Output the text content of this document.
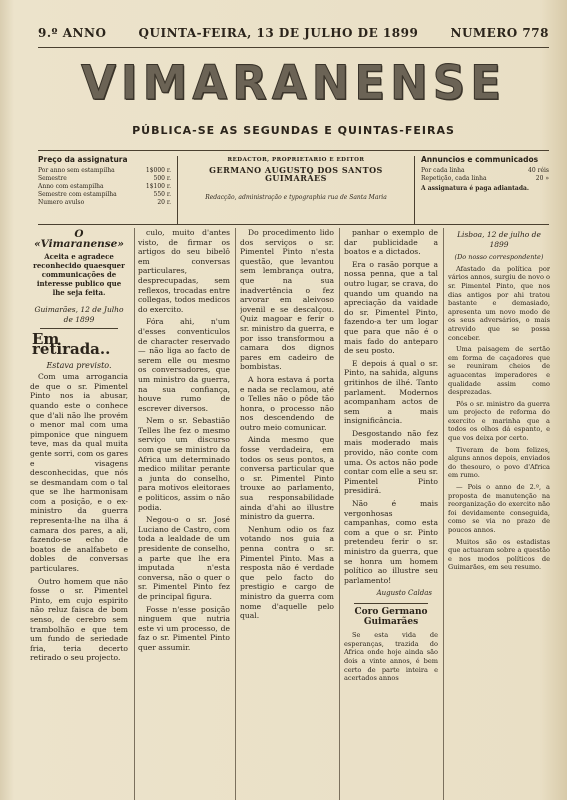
9.º ANNO	QUINTA-FEIRA, 13 DE JULHO DE 1899	NUMERO 778
VIMARANENSE
PÚBLICA-SE AS SEGUNDAS E QUINTAS-FEIRAS
Preço da assignatura
Por anno sem estampilha	1$000 r.
Semestre	500 r.
Anno com estampilha	1$100 r.
Semestre com estampilha	550 r.
Numero avulso	20 r.
REDACTOR, PROPRIETARIO E EDITOR
GERMANO AUGUSTO DOS SANTOS GUIMARÃES
Redacção, administração e typographia rua de Santa Maria
Annuncios e communicados
Por cada linha	40 réis
Repetição, cada linha	20 »
A assignatura é paga adiantada.
O «Vimaranense»
Aceita e agradece reconhecido quaesquer communicações de interesse publico que lhe seja feita.
Guimarães, 12 de Julho de 1899
Em retirada..
Estava previsto.

Com uma arrogancia de que o sr. Pimentel Pinto nos ia abusar, quando este o conhece que d'ali não lhe provém o menor mal com uma pimponice que ninguem teve, mas da qual muita gente sorri, com os gares e visagens desconhecidas, que nós se desmandam com o tal que se lhe harmonisam com a posição, e o ex-ministro da guerra representa-lhe na ilha á camara dos pares, a ali, fazendo-se echo de boatos de analfabeto e dobles de conversas particulares.

Outro homem que não fosse o sr. Pimentel Pinto, em cujo espirito não reluz faisca de bom senso, de cerebro sem trambolhão e que tem um fundo de seriedade fria, teria decerto retirado o seu projecto.

culo, muito d'antes visto, de firmar os artigos do seu bibelô em conversas particulares, desprecupadas, sem reflexos, trocadas entre collegas, todos medicos do exercito.

Fóra ahi, n'um d'esses conventiculos de character reservado — não liga ao facto de serem elle ou mesmo os conversadores, que um ministro da guerra, na sua confiança, houve rumo de escrever diversos.

Nem o sr. Sebastião Telles lhe fez o mesmo serviço um discurso com que se ministro da Africa um determinado medico militar perante a junta do conselho, para motivos eleitoraes e politicos, assim o não podia.

Negou-o o sr. José Luciano de Castro, com toda a lealdade de um presidente de conselho, a parte que lhe era imputada n'esta conversa, não o quer o sr. Pimentel Pinto fez de principal figura.

Fosse n'esse posição ninguem que nutria este vi um processo, de faz o sr. Pimentel Pinto quer assumir.

Do procedimento lido dos serviços o sr. Pimentel Pinto n'esta questão, que levantou sem lembrança outra, que na sua inadvertência o fez arvorar em aleivoso jovenil e se descalçou. Quiz magoar e ferir o sr. ministro da guerra, e por isso transformou a camara dos dignos pares em cadeiro de bombistas.

A hora estava á porta e nada se reclamou, até o Telles não o pôde tão honra, o processo não nos descendendo de outro meio comunicar.

Ainda mesmo que fosse verdadeira, em todos os seus pontos, a conversa particular que o sr. Pimentel Pinto trouxe ao parlamento, sua responsabilidade ainda d'ahi ao illustre ministro da guerra.

Nenhum odio os faz votando nos guia a penna contra o sr. Pimentel Pinto. Mas a resposta não é verdade que pelo facto do prestigio e cargo de ministro da guerra com nome d'aquelle pelo qual.

panhar o exemplo de dar publicidade a boatos e a dictados.

Era o rasão porque a nossa penna, que a tal outro lugar, se crava, do quando um quando na apreciação da vaidade do sr. Pimentel Pinto, fazendo-a ter um logar que para que não é o mais fado do anteparo de seu posto.

E depois á qual o sr. Pinto, na sahida, alguns gritinhos de ilhé. Tanto parlament. Modernos acompanham actos de sem a mais insignificância.

Desgostando não fez mais moderado mais provido, não conte com uma. Os actos não pode contar com elle a seu sr. Pimentel Pinto presidirá.

Não é mais vergonhosas campanhas, como esta com a que o sr. Pinto pretendeu ferir o sr. ministro da guerra, que se honra um homem político ao illustre seu parlamento!

Augusto Caldas
Coro Germano Guimarães

Se esta vida de esperanças, trazida do Africa onde hoje ainda são dois a vinte annos, é bem certo de parte inteira e acertados annos

Lisboa, 12 de julho de 1899
(Do nosso correspondente)

Afastado da política por vários annos, surgiu de novo o sr. Pimentel Pinto, que nos dias antigos por ahi tratou bastante e demasiado, apresenta um novo modo de os seus adversários, o mais atrevido que se possa conceber.

Uma paisagem de sertão em forma de caçadores que se reuniram cheios de aguacentas imperadores e qualidade assim como desprezadas.

Pôs o sr. ministro da guerra um projecto de reforma do exercito e marinha que a todos os olhos dá espanto, e que vos deixa por certo.

Tiveram de bom felizes, alguns annos depois, enviados do thesouro, o povo d'Africa em rumo.

— Pois o anno de 2.º, a proposta de manutenção na reorganização do exercito não foi devidamente conseguida, como se via no prazo de poucos annos.

Muitos são os estadistas que actuaram sobre a questão e nos modos políticos de Guimarães, em seu resumo.
